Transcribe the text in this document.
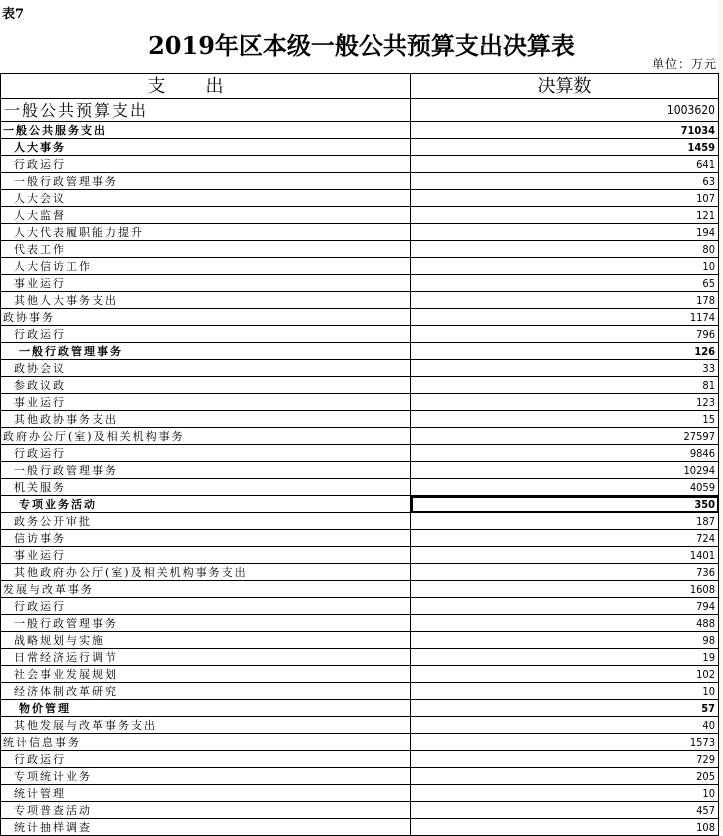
表7
2019年区本级一般公共预算支出决算表
单位：万元
支出	决算数
一般公共预算支出	1003620
一般公共服务支出	71034
人大事务	1459
行政运行	641
一般行政管理事务	63
人大会议	107
人大监督	121
人大代表履职能力提升	194
代表工作	80
人大信访工作	10
事业运行	65
其他人大事务支出	178
政协事务	1174
行政运行	796
一般行政管理事务	126
政协会议	33
参政议政	81
事业运行	123
其他政协事务支出	15
政府办公厅(室)及相关机构事务	27597
行政运行	9846
一般行政管理事务	10294
机关服务	4059
专项业务活动	350
政务公开审批	187
信访事务	724
事业运行	1401
其他政府办公厅(室)及相关机构事务支出	736
发展与改革事务	1608
行政运行	794
一般行政管理事务	488
战略规划与实施	98
日常经济运行调节	19
社会事业发展规划	102
经济体制改革研究	10
物价管理	57
其他发展与改革事务支出	40
统计信息事务	1573
行政运行	729
专项统计业务	205
统计管理	10
专项普查活动	457
统计抽样调查	108
